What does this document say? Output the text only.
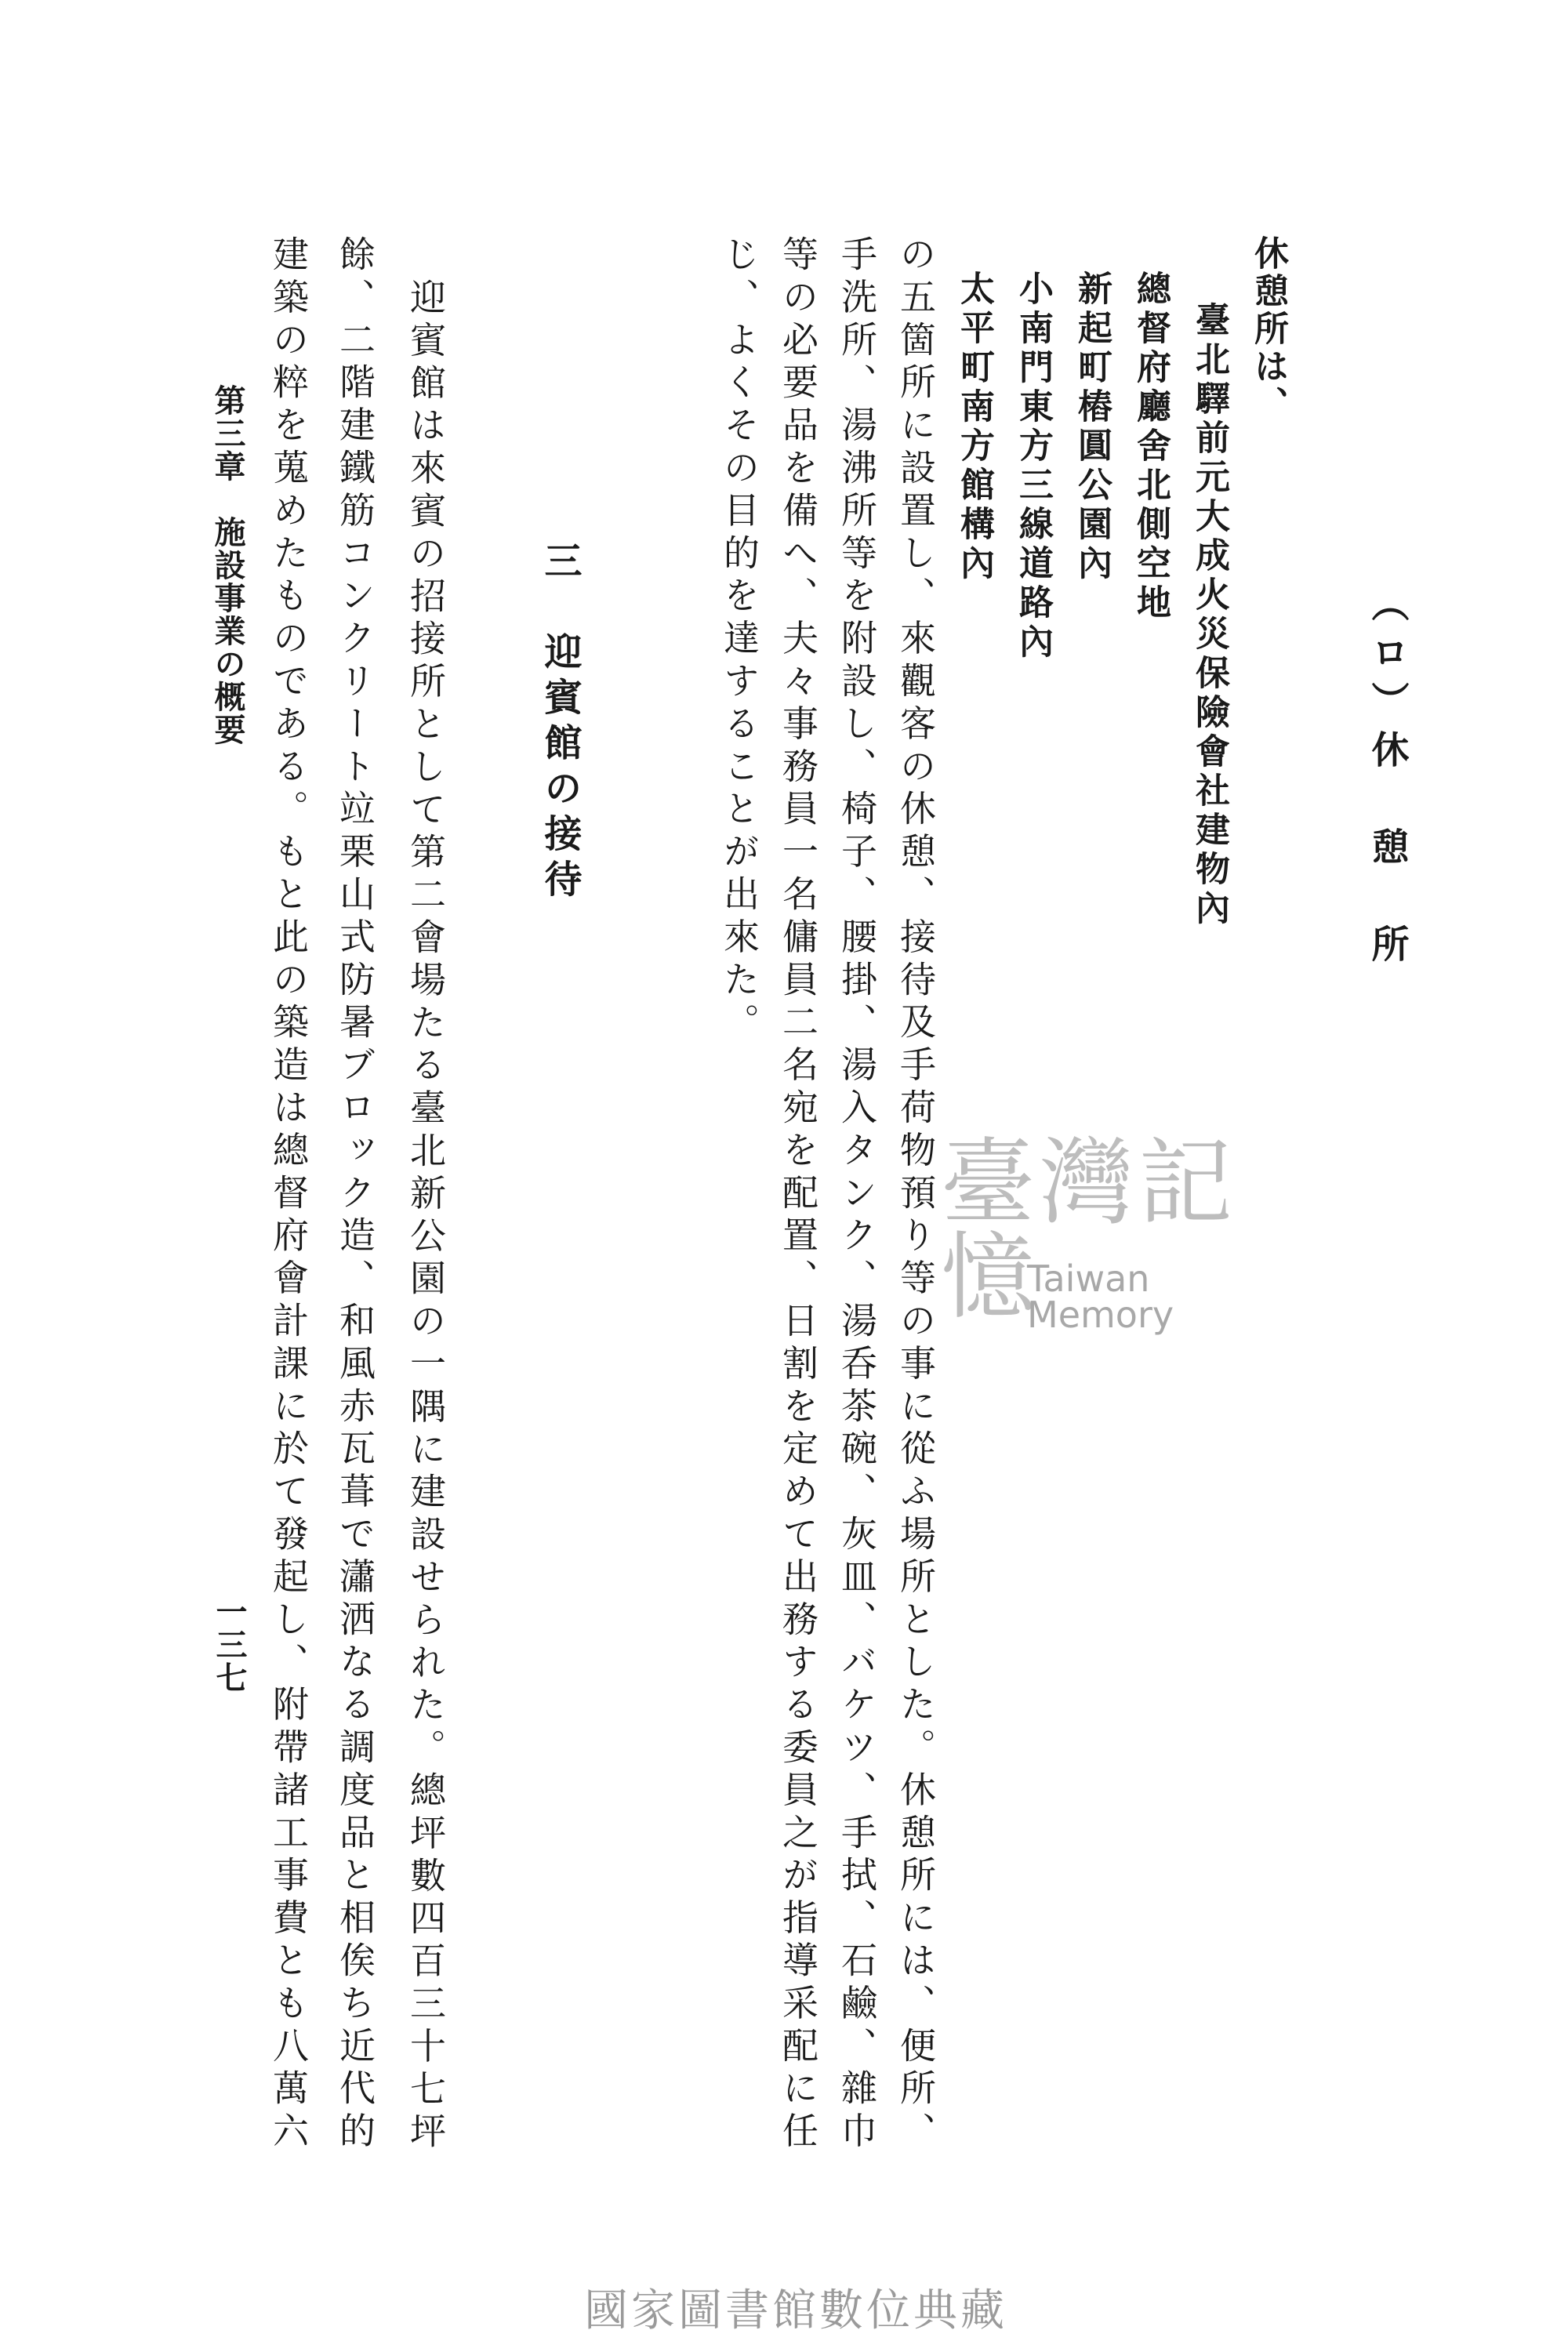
休憩所は、

（ロ）休　憩　所

臺北驛前元大成火災保險會社建物內

總督府廳舍北側空地

新起町樁圓公園內

小南門東方三線道路內

太平町南方館構內

の五箇所に設置し、來觀客の休憩、接待及手荷物預り等の事に從ふ場所とした。休憩所には、便所、

手洗所、湯沸所等を附設し、椅子、腰掛、湯入タンク、湯呑茶碗、灰皿、バケツ、手拭、石鹼、雜巾

等の必要品を備へ、夫々事務員一名傭員二名宛を配置、日割を定めて出務する委員之が指導采配に任

じ、よくその目的を達することが出來た。

三　迎賓館の接待

迎賓館は來賓の招接所として第二會場たる臺北新公園の一隅に建設せられた。總坪數四百三十七坪

餘、二階建鐵筋コンクリート竝栗山式防暑ブロック造、和風赤瓦葺で瀟洒なる調度品と相俟ち近代的

建築の粹を蒐めたものである。もと此の築造は總督府會計課に於て發起し、附帶諸工事費とも八萬六

第三章　施設事業の概要

一三七

臺灣記憶
Taiwan Memory
國家圖書館數位典藏
